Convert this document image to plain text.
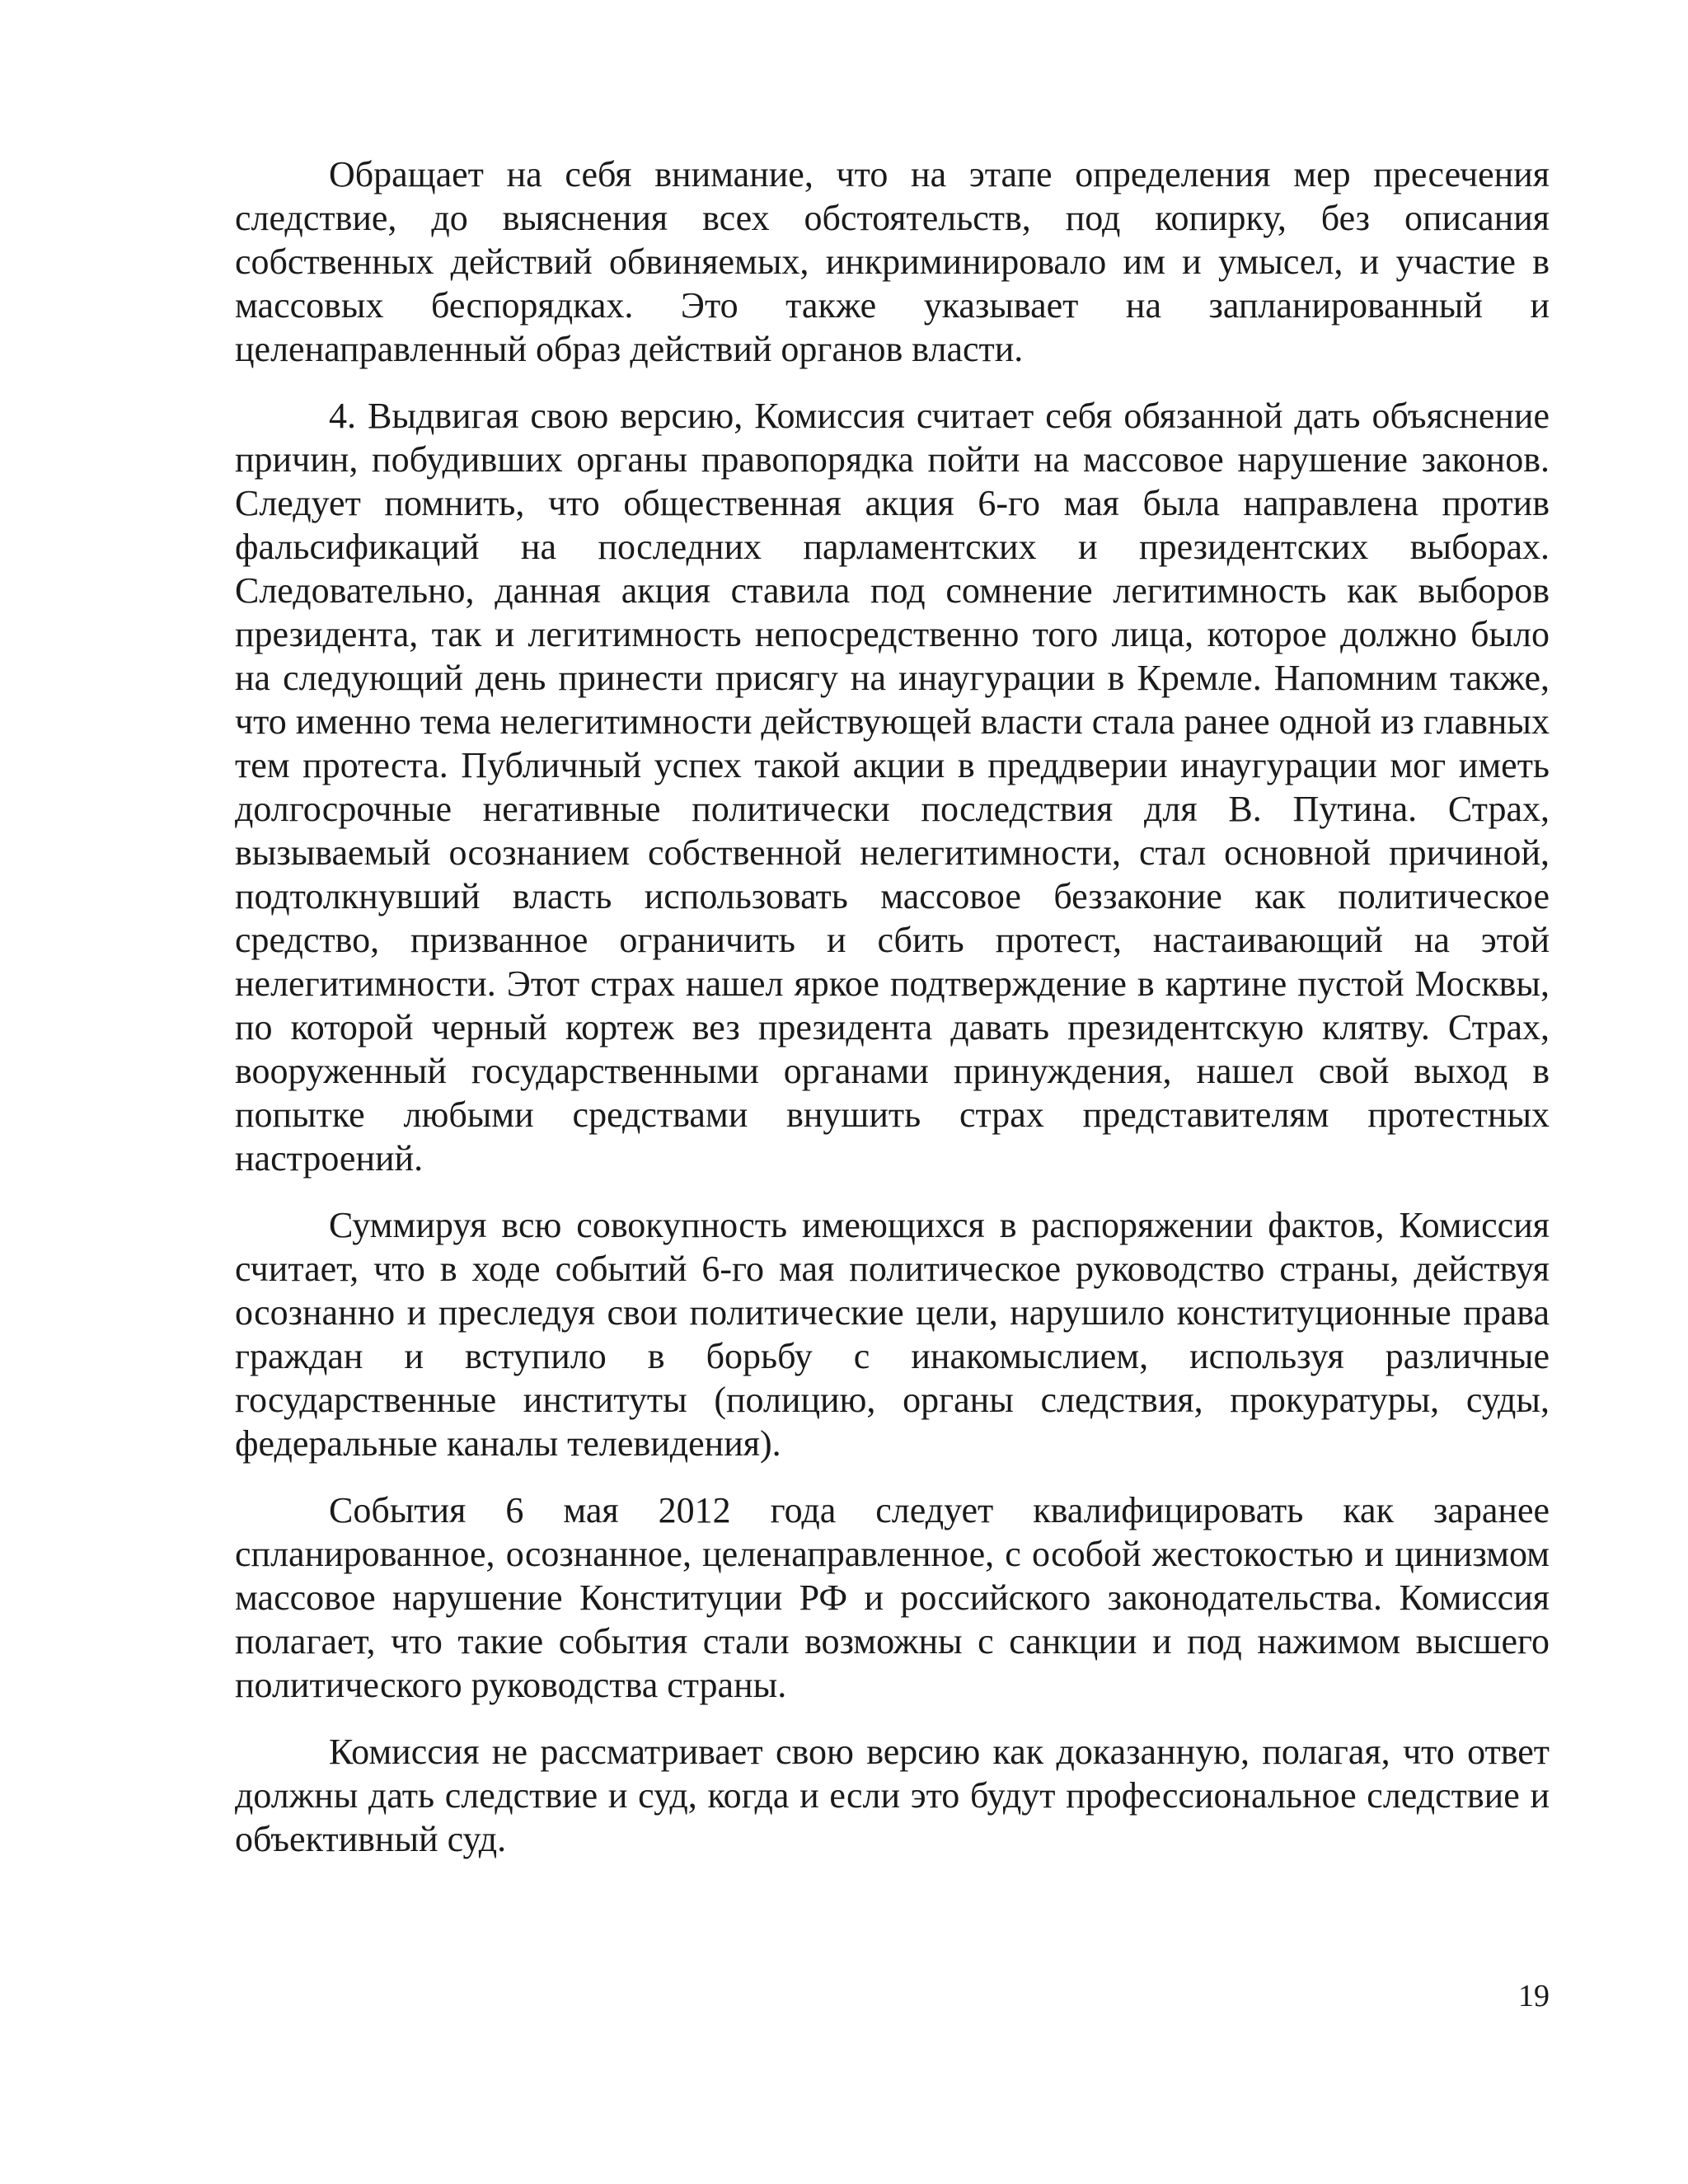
Обращает на себя внимание, что на этапе определения мер пресечения следствие, до выяснения всех обстоятельств, под копирку, без описания собственных действий обвиняемых, инкриминировало им и умысел, и участие в массовых беспорядках. Это также указывает на запланированный и целенаправленный образ действий органов власти.

4. Выдвигая свою версию, Комиссия считает себя обязанной дать объяснение причин, побудивших органы правопорядка пойти на массовое нарушение законов. Следует помнить, что общественная акция 6-го мая была направлена против фальсификаций на последних парламентских и президентских выборах. Следовательно, данная акция ставила под сомнение легитимность как выборов президента, так и легитимность непосредственно того лица, которое должно было на следующий день принести присягу на инаугурации в Кремле. Напомним также, что именно тема нелегитимности действующей власти стала ранее одной из главных тем протеста. Публичный успех такой акции в преддверии инаугурации мог иметь долгосрочные негативные политически последствия для В. Путина. Страх, вызываемый осознанием собственной нелегитимности, стал основной причиной, подтолкнувший власть использовать массовое беззаконие как политическое средство, призванное ограничить и сбить протест, настаивающий на этой нелегитимности. Этот страх нашел яркое подтверждение в картине пустой Москвы, по которой черный кортеж вез президента давать президентскую клятву. Страх, вооруженный государственными органами принуждения, нашел свой выход в попытке любыми средствами внушить страх представителям протестных настроений.

Суммируя всю совокупность имеющихся в распоряжении фактов, Комиссия считает, что в ходе событий 6-го мая политическое руководство страны, действуя осознанно и преследуя свои политические цели, нарушило конституционные права граждан и вступило в борьбу с инакомыслием, используя различные государственные институты (полицию, органы следствия, прокуратуры, суды, федеральные каналы телевидения).

События 6 мая 2012 года следует квалифицировать как заранее спланированное, осознанное, целенаправленное, с особой жестокостью и цинизмом массовое нарушение Конституции РФ и российского законодательства. Комиссия полагает, что такие события стали возможны с санкции и под нажимом высшего политического руководства страны.

Комиссия не рассматривает свою версию как доказанную, полагая, что ответ должны дать следствие и суд, когда и если это будут профессиональное следствие и объективный суд.

19
